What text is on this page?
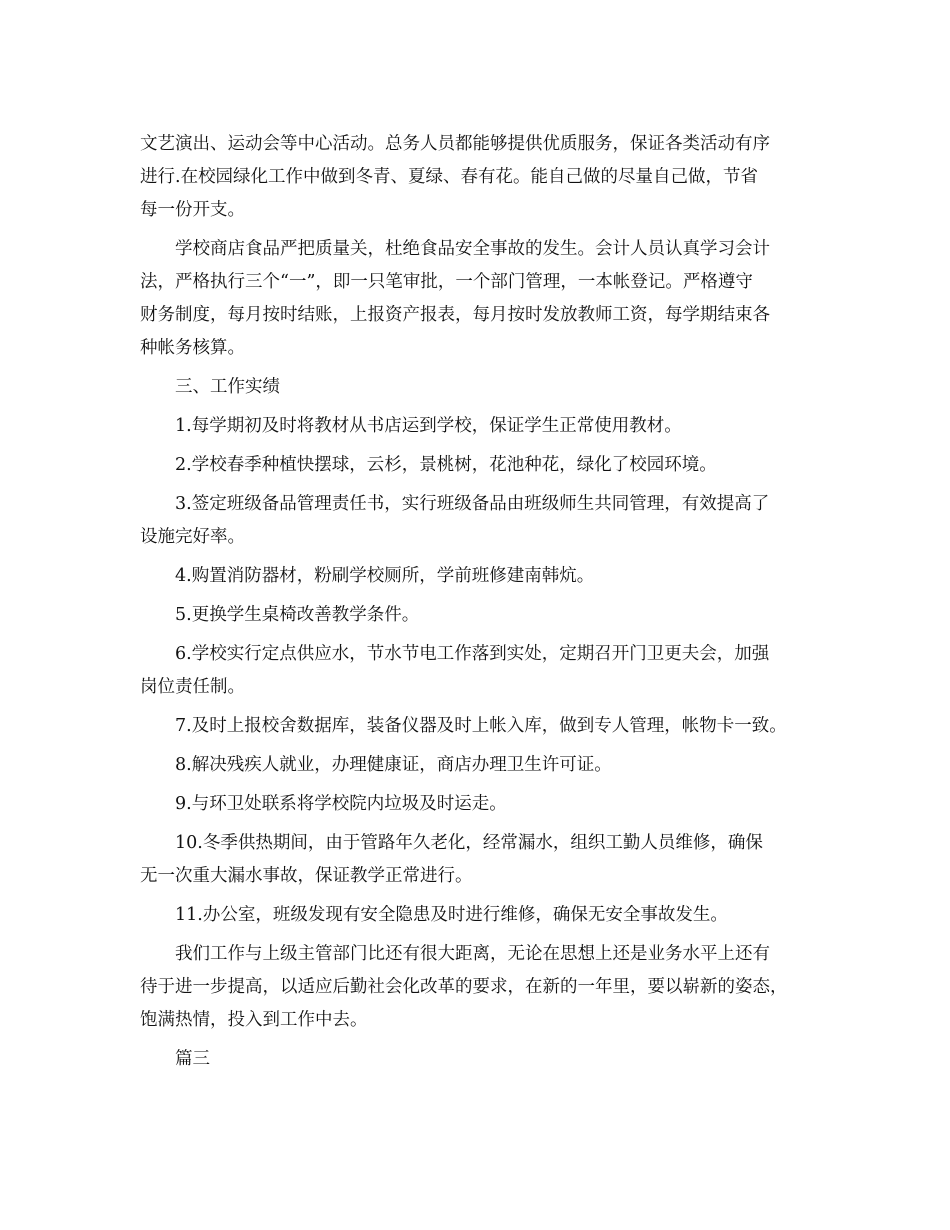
文艺演出、运动会等中心活动。总务人员都能够提供优质服务，保证各类活动有序
进行.在校园绿化工作中做到冬青、夏绿、春有花。能自己做的尽量自己做，节省
每一份开支。
学校商店食品严把质量关，杜绝食品安全事故的发生。会计人员认真学习会计
法，严格执行三个“一”，即一只笔审批，一个部门管理，一本帐登记。严格遵守
财务制度，每月按时结账，上报资产报表，每月按时发放教师工资，每学期结束各
种帐务核算。
三、工作实绩
1.每学期初及时将教材从书店运到学校，保证学生正常使用教材。
2.学校春季种植快摆球，云杉，景桃树，花池种花，绿化了校园环境。
3.签定班级备品管理责任书，实行班级备品由班级师生共同管理，有效提高了
设施完好率。
4.购置消防器材，粉刷学校厕所，学前班修建南韩炕。
5.更换学生桌椅改善教学条件。
6.学校实行定点供应水，节水节电工作落到实处，定期召开门卫更夫会，加强
岗位责任制。
7.及时上报校舍数据库，装备仪器及时上帐入库，做到专人管理，帐物卡一致。
8.解决残疾人就业，办理健康证，商店办理卫生许可证。
9.与环卫处联系将学校院内垃圾及时运走。
10.冬季供热期间，由于管路年久老化，经常漏水，组织工勤人员维修，确保
无一次重大漏水事故，保证教学正常进行。
11.办公室，班级发现有安全隐患及时进行维修，确保无安全事故发生。
我们工作与上级主管部门比还有很大距离，无论在思想上还是业务水平上还有
待于进一步提高，以适应后勤社会化改革的要求，在新的一年里，要以崭新的姿态，
饱满热情，投入到工作中去。
篇三
